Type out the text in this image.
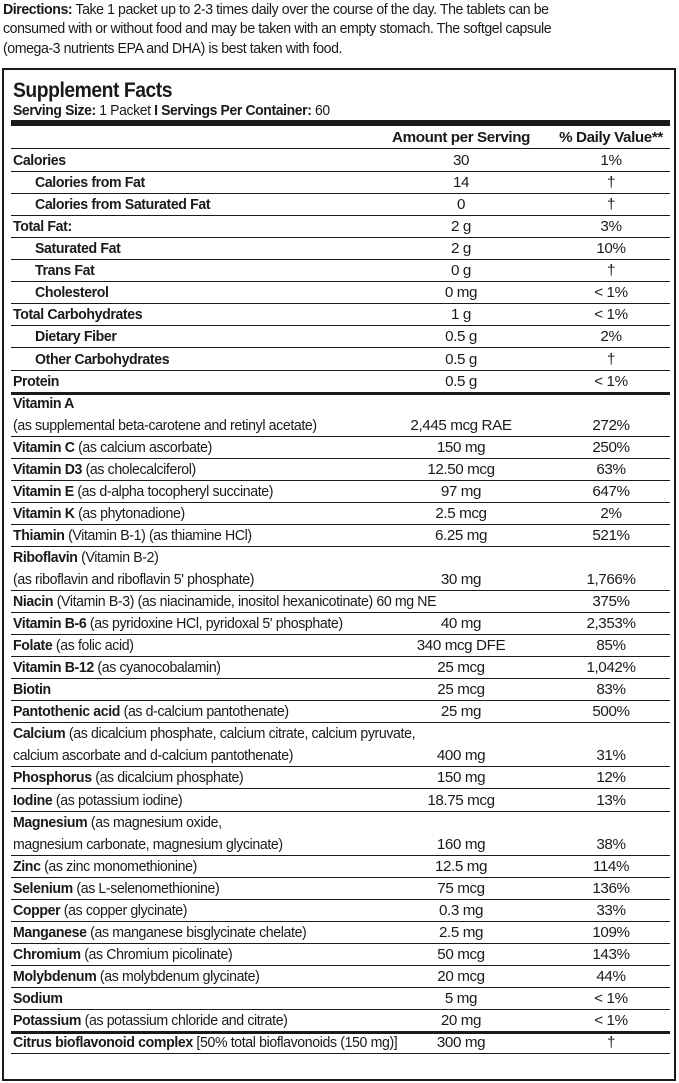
Directions: Take 1 packet up to 2-3 times daily over the course of the day. The tablets can be
consumed with or without food and may be taken with an empty stomach. The softgel capsule
(omega-3 nutrients EPA and DHA) is best taken with food.
Supplement Facts
Serving Size: 1 Packet I Servings Per Container: 60
Amount per Serving	% Daily Value**
Calories	30	1%
Calories from Fat	14	†
Calories from Saturated Fat	0	†
Total Fat:	2 g	3%
Saturated Fat	2 g	10%
Trans Fat	0 g	†
Cholesterol	0 mg	< 1%
Total Carbohydrates	1 g	< 1%
Dietary Fiber	0.5 g	2%
Other Carbohydrates	0.5 g	†
Protein	0.5 g	< 1%
Vitamin A
(as supplemental beta-carotene and retinyl acetate)	2,445 mcg RAE	272%
Vitamin C (as calcium ascorbate)	150 mg	250%
Vitamin D3 (as cholecalciferol)	12.50 mcg	63%
Vitamin E (as d-alpha tocopheryl succinate)	97 mg	647%
Vitamin K (as phytonadione)	2.5 mcg	2%
Thiamin (Vitamin B-1) (as thiamine HCl)	6.25 mg	521%
Riboflavin (Vitamin B-2)
(as riboflavin and riboflavin 5' phosphate)	30 mg	1,766%
Niacin (Vitamin B-3) (as niacinamide, inositol hexanicotinate) 60 mg NE	375%
Vitamin B-6 (as pyridoxine HCl, pyridoxal 5' phosphate)	40 mg	2,353%
Folate (as folic acid)	340 mcg DFE	85%
Vitamin B-12 (as cyanocobalamin)	25 mcg	1,042%
Biotin	25 mcg	83%
Pantothenic acid (as d-calcium pantothenate)	25 mg	500%
Calcium (as dicalcium phosphate, calcium citrate, calcium pyruvate,
calcium ascorbate and d-calcium pantothenate)	400 mg	31%
Phosphorus (as dicalcium phosphate)	150 mg	12%
Iodine (as potassium iodine)	18.75 mcg	13%
Magnesium (as magnesium oxide,
magnesium carbonate, magnesium glycinate)	160 mg	38%
Zinc (as zinc monomethionine)	12.5 mg	114%
Selenium (as L-selenomethionine)	75 mcg	136%
Copper (as copper glycinate)	0.3 mg	33%
Manganese (as manganese bisglycinate chelate)	2.5 mg	109%
Chromium (as Chromium picolinate)	50 mcg	143%
Molybdenum (as molybdenum glycinate)	20 mcg	44%
Sodium	5 mg	< 1%
Potassium (as potassium chloride and citrate)	20 mg	< 1%
Citrus bioflavonoid complex [50% total bioflavonoids (150 mg)]	300 mg	†
